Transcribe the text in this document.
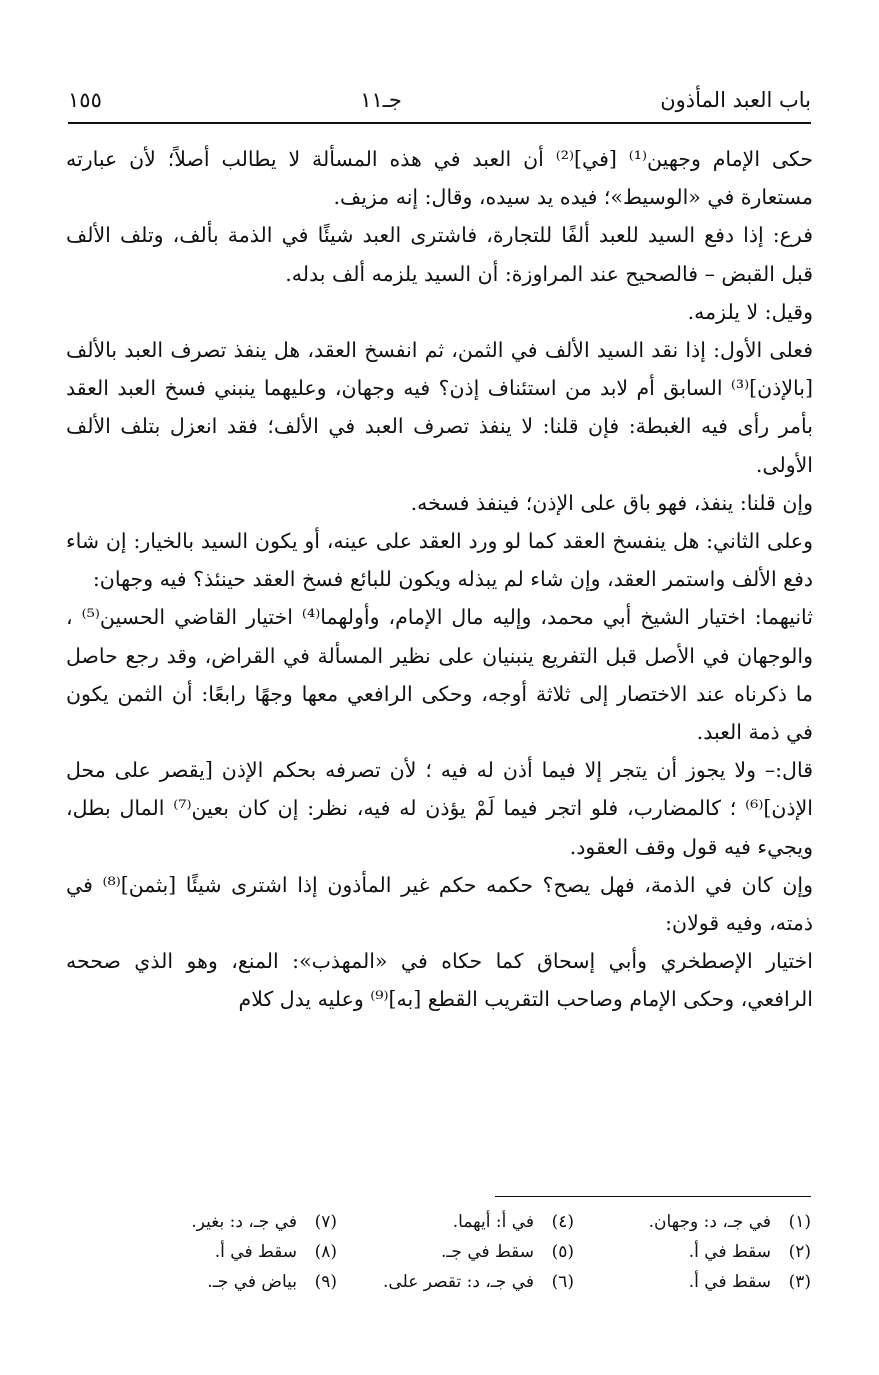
باب العبد المأذون
جـ١١
١٥٥

حكى الإمام وجهين⁽¹⁾ [في]⁽²⁾ أن العبد في هذه المسألة لا يطالب أصلاً؛ لأن عبارته مستعارة في «الوسيط»؛ فيده يد سيده، وقال: إنه مزيف.

فرع: إذا دفع السيد للعبد ألفًا للتجارة، فاشترى العبد شيئًا في الذمة بألف، وتلف الألف قبل القبض – فالصحيح عند المراوزة: أن السيد يلزمه ألف بدله.

وقيل: لا يلزمه.

فعلى الأول: إذا نقد السيد الألف في الثمن، ثم انفسخ العقد، هل ينفذ تصرف العبد بالألف [بالإذن]⁽³⁾ السابق أم لابد من استئناف إذن؟ فيه وجهان، وعليهما ينبني فسخ العبد العقد بأمر رأى فيه الغبطة: فإن قلنا: لا ينفذ تصرف العبد في الألف؛ فقد انعزل بتلف الألف الأولى.

وإن قلنا: ينفذ، فهو باق على الإذن؛ فينفذ فسخه.

وعلى الثاني: هل ينفسخ العقد كما لو ورد العقد على عينه، أو يكون السيد بالخيار: إن شاء دفع الألف واستمر العقد، وإن شاء لم يبذله ويكون للبائع فسخ العقد حينئذ؟ فيه وجهان:

ثانيهما: اختيار الشيخ أبي محمد، وإليه مال الإمام، وأولهما⁽⁴⁾ اختيار القاضي الحسين⁽⁵⁾ ، والوجهان في الأصل قبل التفريع ينبنيان على نظير المسألة في القراض، وقد رجع حاصل ما ذكرناه عند الاختصار إلى ثلاثة أوجه، وحكى الرافعي معها وجهًا رابعًا: أن الثمن يكون في ذمة العبد.

قال:– ولا يجوز أن يتجر إلا فيما أذن له فيه ؛ لأن تصرفه بحكم الإذن [يقصر على محل الإذن]⁽⁶⁾ ؛ كالمضارب، فلو اتجر فيما لَمْ يؤذن له فيه، نظر: إن كان بعين⁽⁷⁾ المال بطل، ويجيء فيه قول وقف العقود.

وإن كان في الذمة، فهل يصح؟ حكمه حكم غير المأذون إذا اشترى شيئًا [بثمن]⁽⁸⁾ في ذمته، وفيه قولان:

اختيار الإصطخري وأبي إسحاق كما حكاه في «المهذب»: المنع، وهو الذي صححه الرافعي، وحكى الإمام وصاحب التقريب القطع [به]⁽⁹⁾ وعليه يدل كلام

(١)في جـ، د: وجهان.
(٤)في أ: أيهما.
(٧)في جـ، د: بغير.
(٢)سقط في أ.
(٥)سقط في جـ.
(٨)سقط في أ.
(٣)سقط في أ.
(٦)في جـ، د: تقصر على.
(٩)بياض في جـ.
